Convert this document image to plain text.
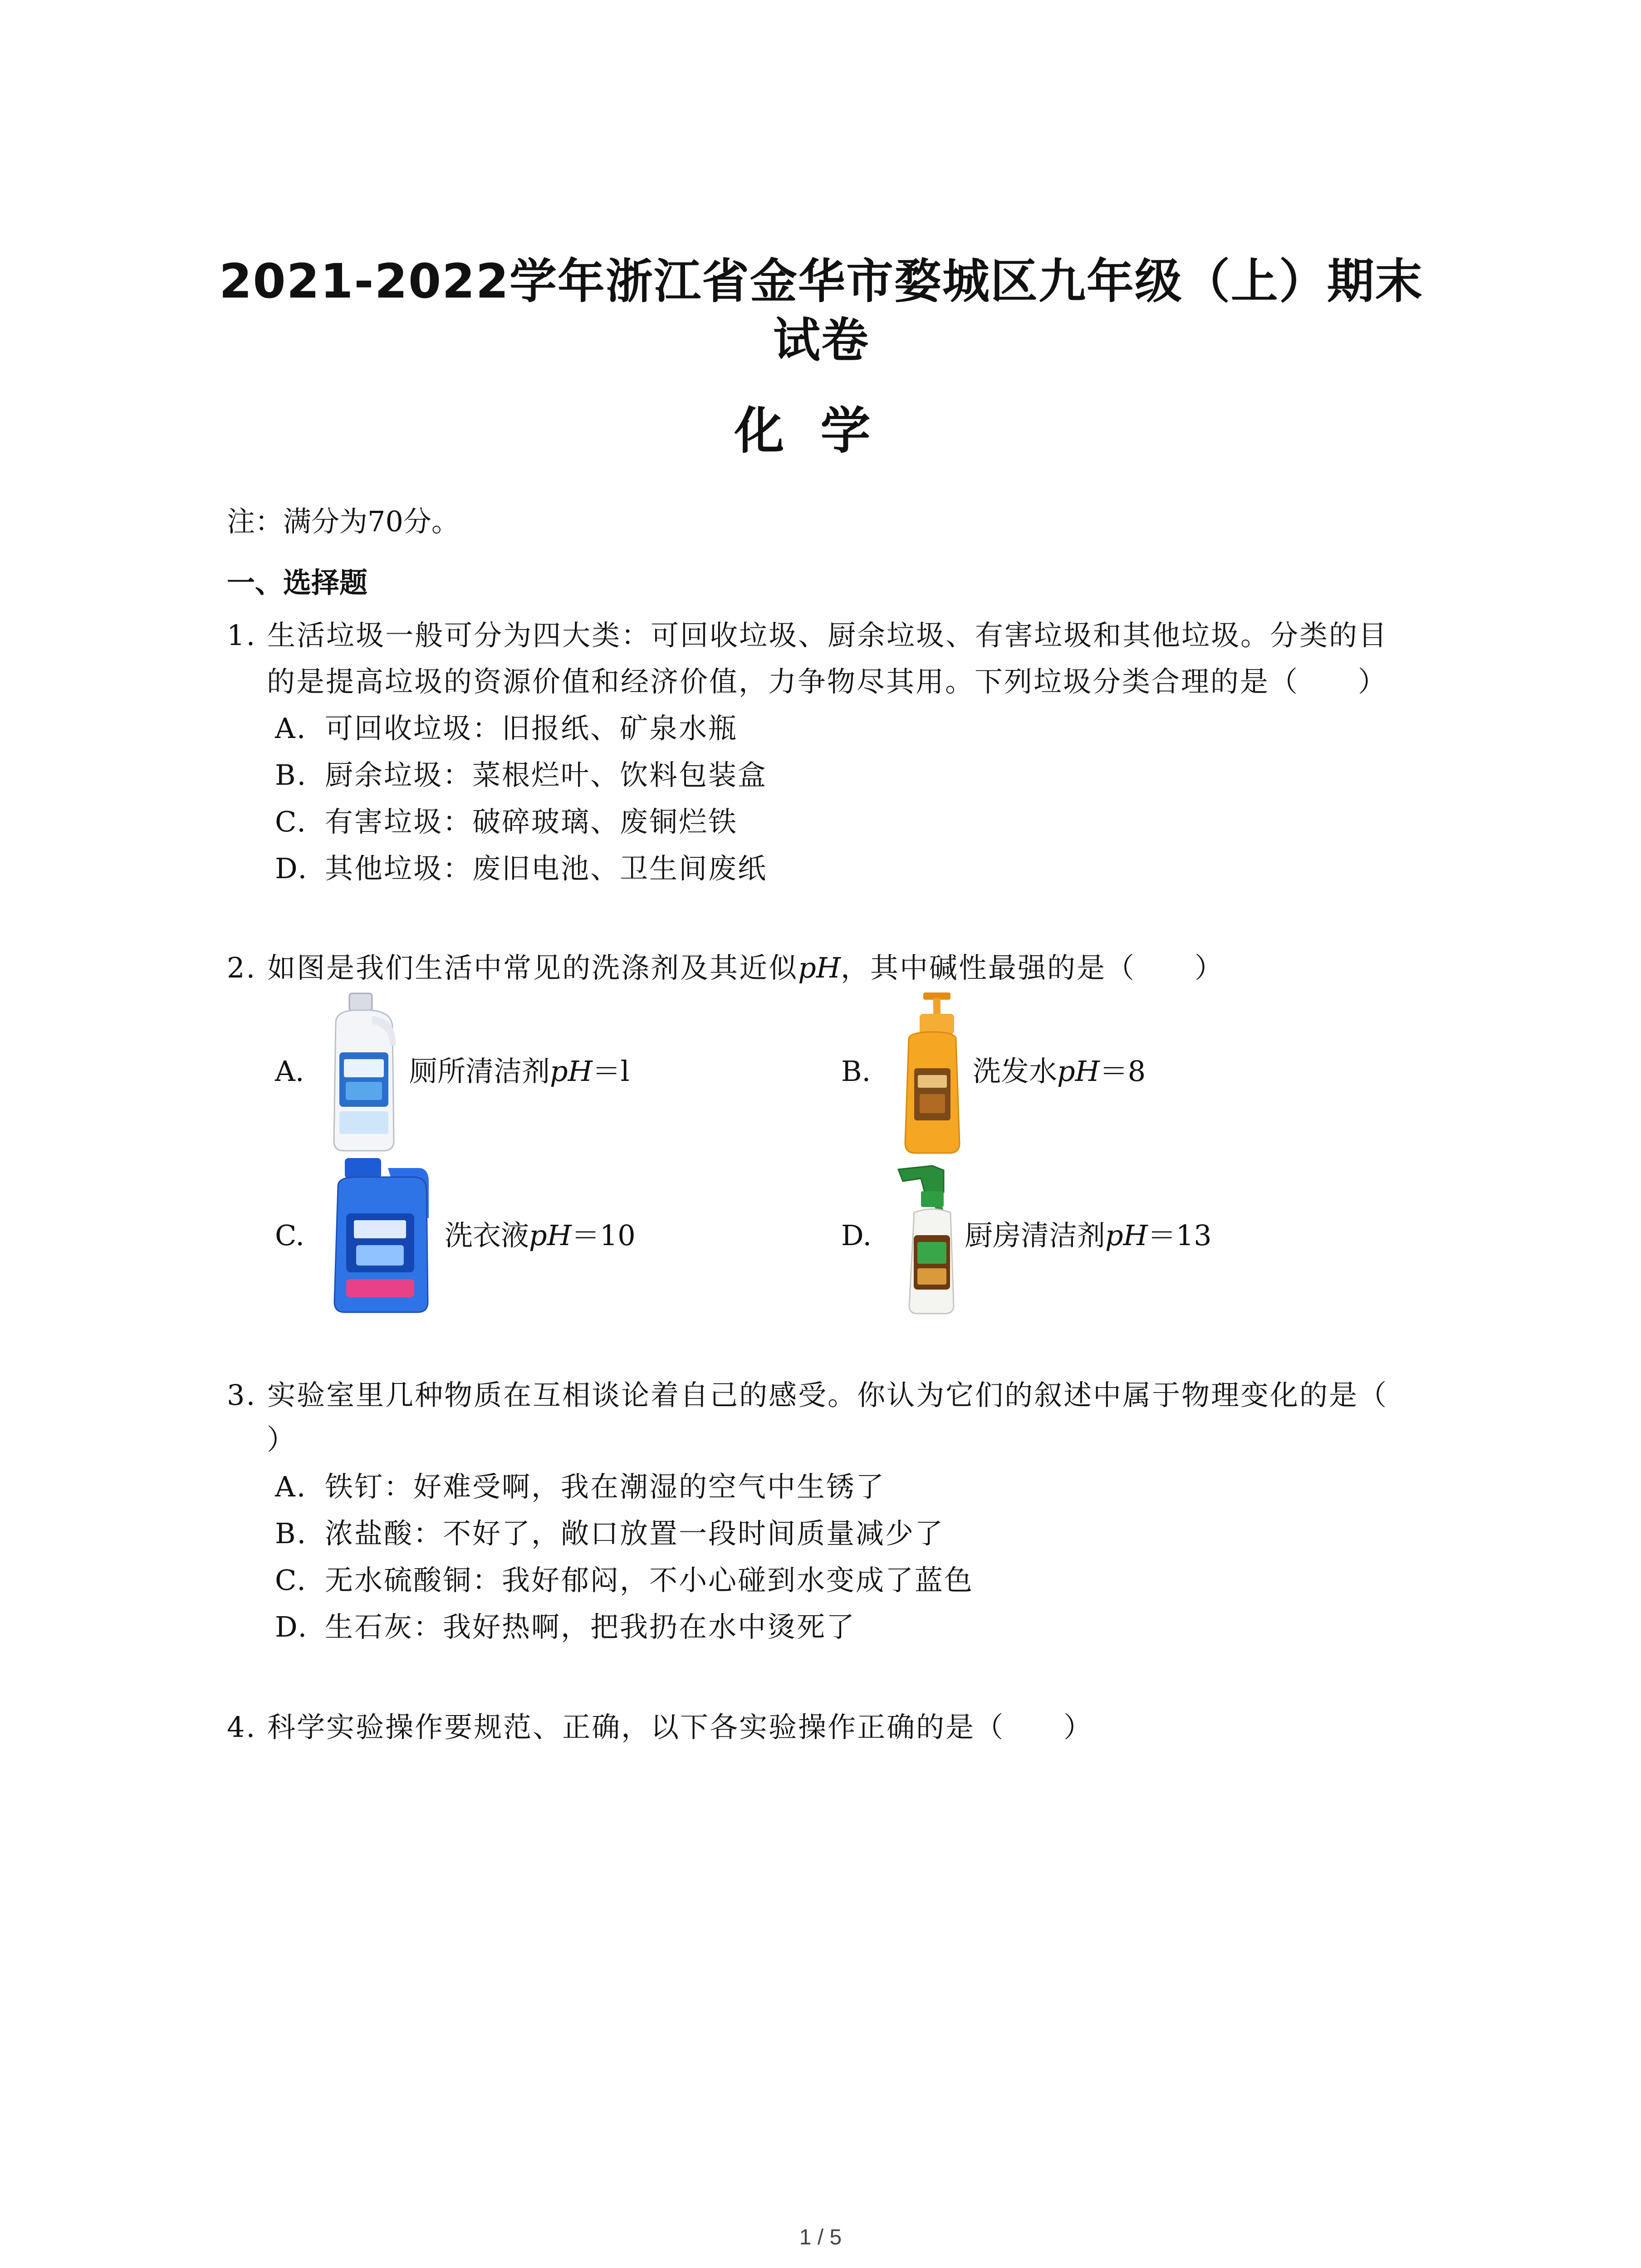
2021-2022学年浙江省金华市婺城区九年级（上）期末
试卷
化学
注：满分为70分。
一、选择题
1. 生活垃圾一般可分为四大类：可回收垃圾、厨余垃圾、有害垃圾和其他垃圾。分类的目
的是提高垃圾的资源价值和经济价值，力争物尽其用。下列垃圾分类合理的是（　　）
A. 可回收垃圾：旧报纸、矿泉水瓶
B. 厨余垃圾：菜根烂叶、饮料包装盒
C. 有害垃圾：破碎玻璃、废铜烂铁
D. 其他垃圾：废旧电池、卫生间废纸
2. 如图是我们生活中常见的洗涤剂及其近似pH，其中碱性最强的是（　　）
A.	厕所清洁剂pH＝l	B.	洗发水pH＝8
C.	洗衣液pH＝10	D.	厨房清洁剂pH＝13
3. 实验室里几种物质在互相谈论着自己的感受。你认为它们的叙述中属于物理变化的是（
）
A. 铁钉：好难受啊，我在潮湿的空气中生锈了
B. 浓盐酸：不好了，敞口放置一段时间质量减少了
C. 无水硫酸铜：我好郁闷，不小心碰到水变成了蓝色
D. 生石灰：我好热啊，把我扔在水中烫死了
4. 科学实验操作要规范、正确，以下各实验操作正确的是（　　）
1 / 5
